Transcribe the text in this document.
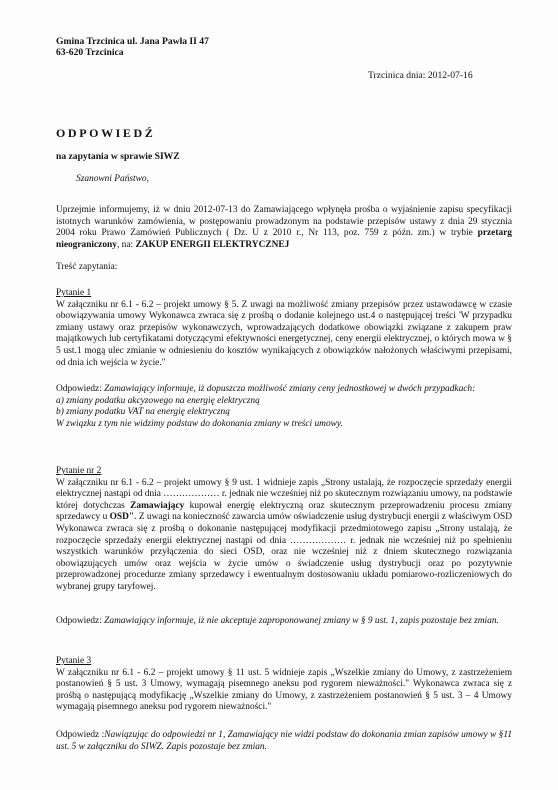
Gmina Trzcinica ul. Jana Pawła II 47
63-620 Trzcinica
Trzcinica dnia: 2012-07-16
ODPOWIEDŹ
na zapytania w sprawie SIWZ
Szanowni Państwo,
Uprzejmie informujemy, iż w dniu 2012-07-13 do Zamawiającego wpłynęła prośba o wyjaśnienie zapisu specyfikacji istotnych warunków zamówienia, w postępowaniu prowadzonym na podstawie przepisów ustawy z dnia 29 stycznia 2004 roku Prawo Zamówień Publicznych ( Dz. U z 2010 r., Nr 113, poz. 759 z późn. zm.) w trybie przetarg nieograniczony, na: ZAKUP ENERGII ELEKTRYCZNEJ
Treść zapytania:
Pytanie 1

W załączniku nr 6.1 - 6.2 – projekt umowy § 5. Z uwagi na możliwość zmiany przepisów przez ustawodawcę w czasie obowiązywania umowy Wykonawca zwraca się z prośbą o dodanie kolejnego ust.4 o następującej treści 'W przypadku zmiany ustawy oraz przepisów wykonawczych, wprowadzających dodatkowe obowiązki związane z zakupem praw majątkowych lub certyfikatami dotyczącymi efektywności energetycznej, ceny energii elektrycznej, o których mowa w § 5 ust.1 mogą ulec zmianie w odniesieniu do kosztów wynikających z obowiązków nałożonych właściwymi przepisami, od dnia ich wejścia w życie."

Odpowiedz: Zamawiający informuje, iż dopuszcza możliwość zmiany ceny jednostkowej w dwóch przypadkach:

a) zmiany podatku akcyzowego na energię elektryczną

b) zmiany podatku VAT na energię elektryczną

W związku z tym nie widzimy podstaw do dokonania zmiany w treści umowy.

Pytanie nr 2

W załączniku nr 6.1 - 6.2 – projekt umowy § 9 ust. 1 widnieje zapis „Strony ustalają, że rozpoczęcie sprzedaży energii elektrycznej nastąpi od dnia ……………… r. jednak nie wcześniej niż po skutecznym rozwiązaniu umowy, na podstawie której dotychczas Zamawiający kupował energię elektryczną oraz skutecznym przeprowadzeniu procesu zmiany sprzedawcy u OSD". Z uwagi na konieczność zawarcia umów oświadczenie usług dystrybucji energii z właściwym OSD Wykonawca zwraca się z prośbą o dokonanie następującej modyfikacji przedmiotowego zapisu „Strony ustalają, że rozpoczęcie sprzedaży energii elektrycznej nastąpi od dnia ……………… r. jednak nie wcześniej niż po spełnieniu wszystkich warunków przyłączenia do sieci OSD, oraz nie wcześniej niż z dniem skutecznego rozwiązania obowiązujących umów oraz wejścia w życie umów o świadczenie usług dystrybucji oraz po pozytywnie przeprowadzonej procedurze zmiany sprzedawcy i ewentualnym dostosowaniu układu pomiarowo-rozliczeniowych do wybranej grupy taryfowej.

Odpowiedz: Zamawiający informuje, iż nie akceptuje zaproponowanej zmiany w § 9 ust. 1, zapis pozostaje bez zmian.

Pytanie 3

W załączniku nr 6.1 - 6.2 – projekt umowy § 11 ust. 5 widnieje zapis „Wszelkie zmiany do Umowy, z zastrzeżeniem postanowień § 5 ust. 3 Umowy, wymagają pisemnego aneksu pod rygorem nieważności." Wykonawca zwraca się z prośbą o następującą modyfikację „Wszelkie zmiany do Umowy, z zastrzeżeniem postanowień § 5 ust. 3 – 4 Umowy wymagają pisemnego aneksu pod rygorem nieważności."

Odpowiedz :Nawiązując do odpowiedzi nr 1, Zamawiający nie widzi podstaw do dokonania zmian zapisów umowy w §11 ust. 5 w załączniku do SIWZ. Zapis pozostaje bez zmian.
